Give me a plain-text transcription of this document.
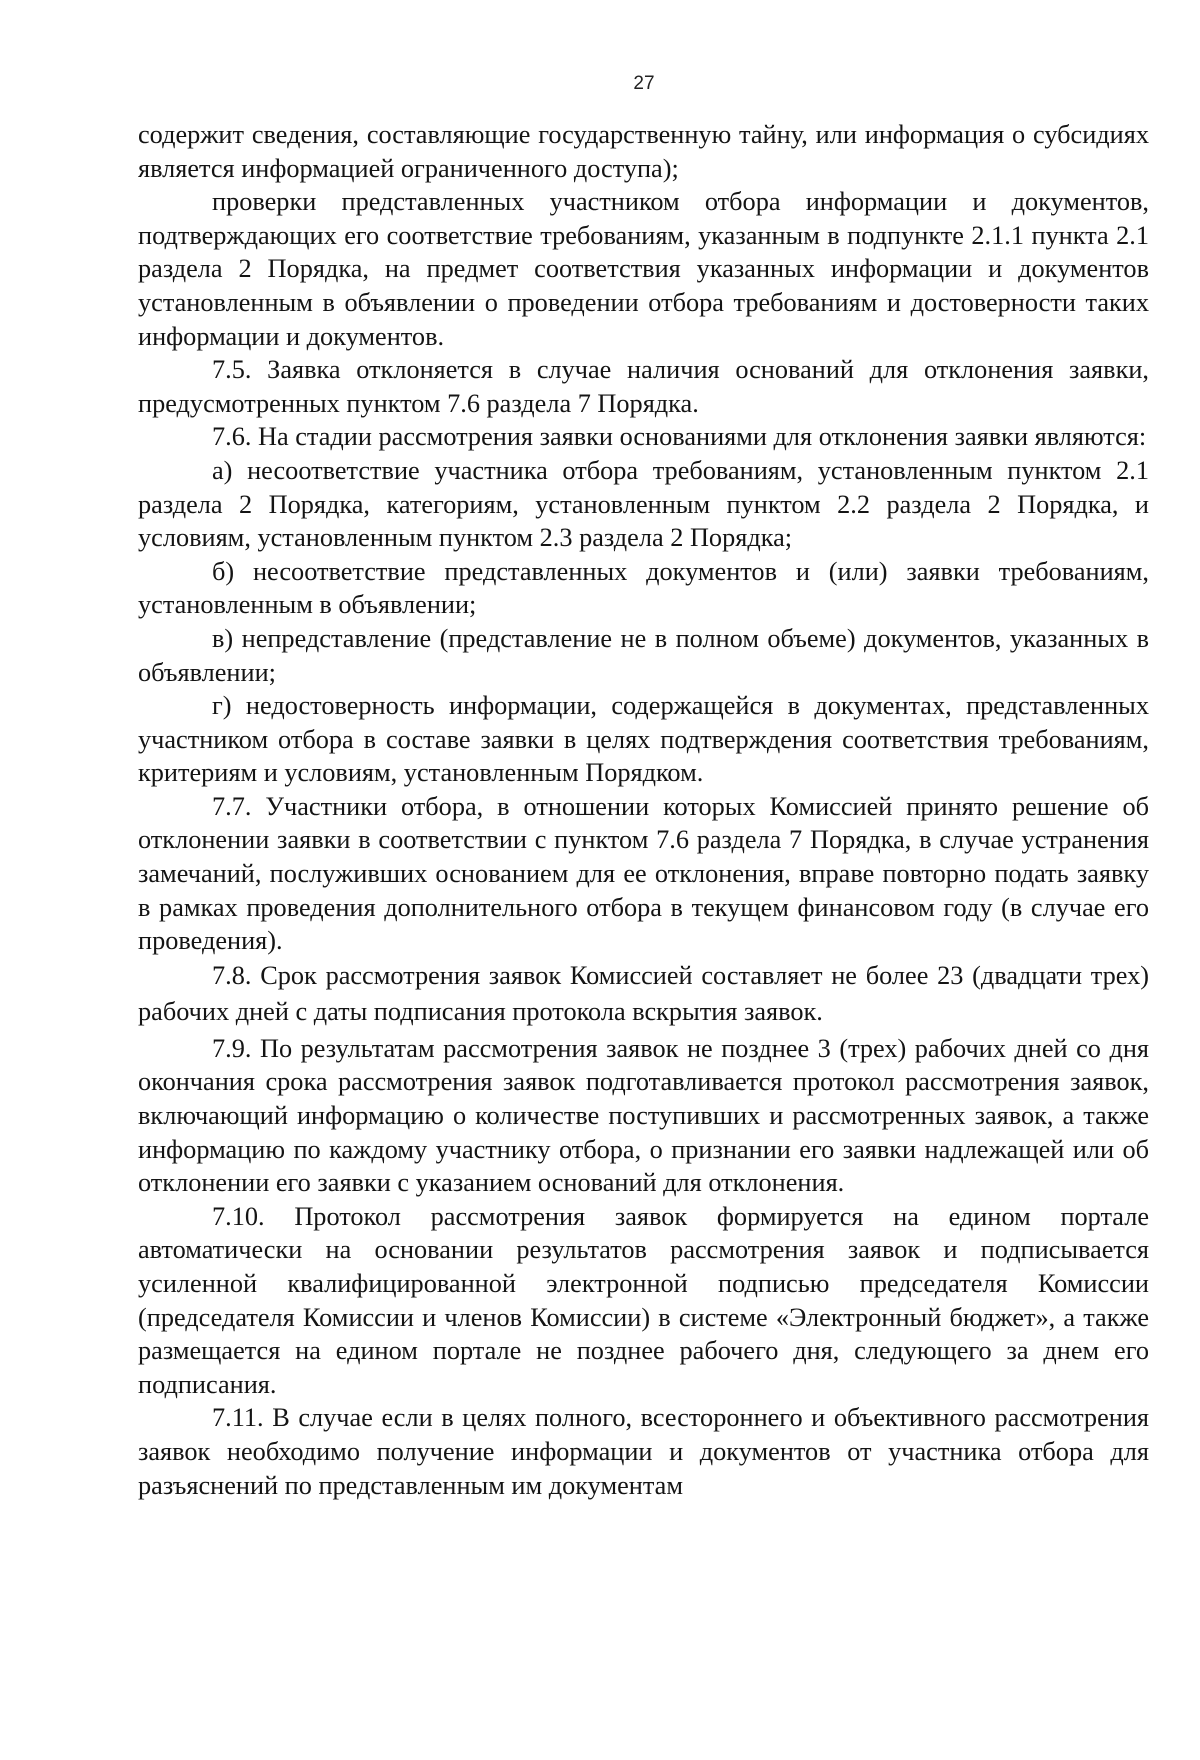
27

содержит сведения, составляющие государственную тайну, или информация о субсидиях является информацией ограниченного доступа);

проверки представленных участником отбора информации и документов, подтверждающих его соответствие требованиям, указанным в подпункте 2.1.1 пункта 2.1 раздела 2 Порядка, на предмет соответствия указанных информации и документов установленным в объявлении о проведении отбора требованиям и достоверности таких информации и документов.

7.5. Заявка отклоняется в случае наличия оснований для отклонения заявки, предусмотренных пунктом 7.6 раздела 7 Порядка.

7.6. На стадии рассмотрения заявки основаниями для отклонения заявки являются:

а) несоответствие участника отбора требованиям, установленным пунктом 2.1 раздела 2 Порядка, категориям, установленным пунктом 2.2 раздела 2 Порядка, и условиям, установленным пунктом 2.3 раздела 2 Порядка;

б) несоответствие представленных документов и (или) заявки требованиям, установленным в объявлении;

в) непредставление (представление не в полном объеме) документов, указанных в объявлении;

г) недостоверность информации, содержащейся в документах, представленных участником отбора в составе заявки в целях подтверждения соответствия требованиям, критериям и условиям, установленным Порядком.

7.7. Участники отбора, в отношении которых Комиссией принято решение об отклонении заявки в соответствии с пунктом 7.6 раздела 7 Порядка, в случае устранения замечаний, послуживших основанием для ее отклонения, вправе повторно подать заявку в рамках проведения дополнительного отбора в текущем финансовом году (в случае его проведения).

7.8. Срок рассмотрения заявок Комиссией составляет не более 23 (двадцати трех) рабочих дней с даты подписания протокола вскрытия заявок.

7.9. По результатам рассмотрения заявок не позднее 3 (трех) рабочих дней со дня окончания срока рассмотрения заявок подготавливается протокол рассмотрения заявок, включающий информацию о количестве поступивших и рассмотренных заявок, а также информацию по каждому участнику отбора, о признании его заявки надлежащей или об отклонении его заявки с указанием оснований для отклонения.

7.10. Протокол рассмотрения заявок формируется на едином портале автоматически на основании результатов рассмотрения заявок и подписывается усиленной квалифицированной электронной подписью председателя Комиссии (председателя Комиссии и членов Комиссии) в системе «Электронный бюджет», а также размещается на едином портале не позднее рабочего дня, следующего за днем его подписания.

7.11. В случае если в целях полного, всестороннего и объективного рассмотрения заявок необходимо получение информации и документов от участника отбора для разъяснений по представленным им документам
